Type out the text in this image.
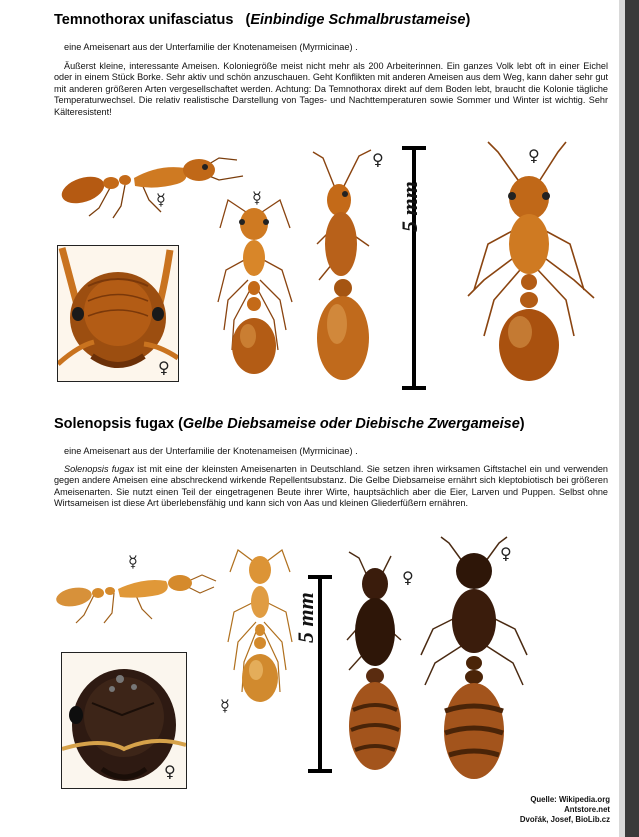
Temnothorax unifasciatus   (Einbindige Schmalbrustameise)
eine Ameisenart aus der Unterfamilie der Knotenameisen (Myrmicinae) .
Äußerst kleine, interessante Ameisen. Koloniegröße meist nicht mehr als 200 Arbeiterinnen. Ein ganzes Volk lebt oft in einer Eichel oder in einem Stück Borke. Sehr aktiv und schön anzuschauen. Geht Konflikten mit anderen Ameisen aus dem Weg, kann daher sehr gut mit anderen größeren Arten vergesellschaftet werden. Achtung: Da Temnothorax direkt auf dem Boden lebt, braucht die Kolonie tägliche Temperaturwechsel. Die relativ realistische Darstellung von Tages- und Nachttemperaturen sowie Sommer und Winter ist wichtig. Sehr Kälteresistent!
☿
♀
☿
♀
5 mm
♀
Solenopsis fugax (Gelbe Diebsameise oder Diebische Zwergameise)
eine Ameisenart aus der Unterfamilie der Knotenameisen (Myrmicinae) .
Solenopsis fugax ist mit eine der kleinsten Ameisenarten in Deutschland. Sie setzen ihren wirksamen Giftstachel ein und verwenden gegen andere Ameisen eine abschreckend wirkende Repellentsubstanz. Die Gelbe Diebsameise ernährt sich kleptobiotisch bei größeren Ameisenarten. Sie nutzt einen Teil der eingetragenen Beute ihrer Wirte, hauptsächlich aber die Eier, Larven und Puppen. Selbst ohne Wirtsameisen ist diese Art überlebensfähig und kann sich von Aas und kleinen Gliederfüßern ernähren.
☿
♀
☿
5 mm
♀
♀
Quelle: Wikipedia.org
Antstore.net
Dvořák, Josef, BioLib.cz
